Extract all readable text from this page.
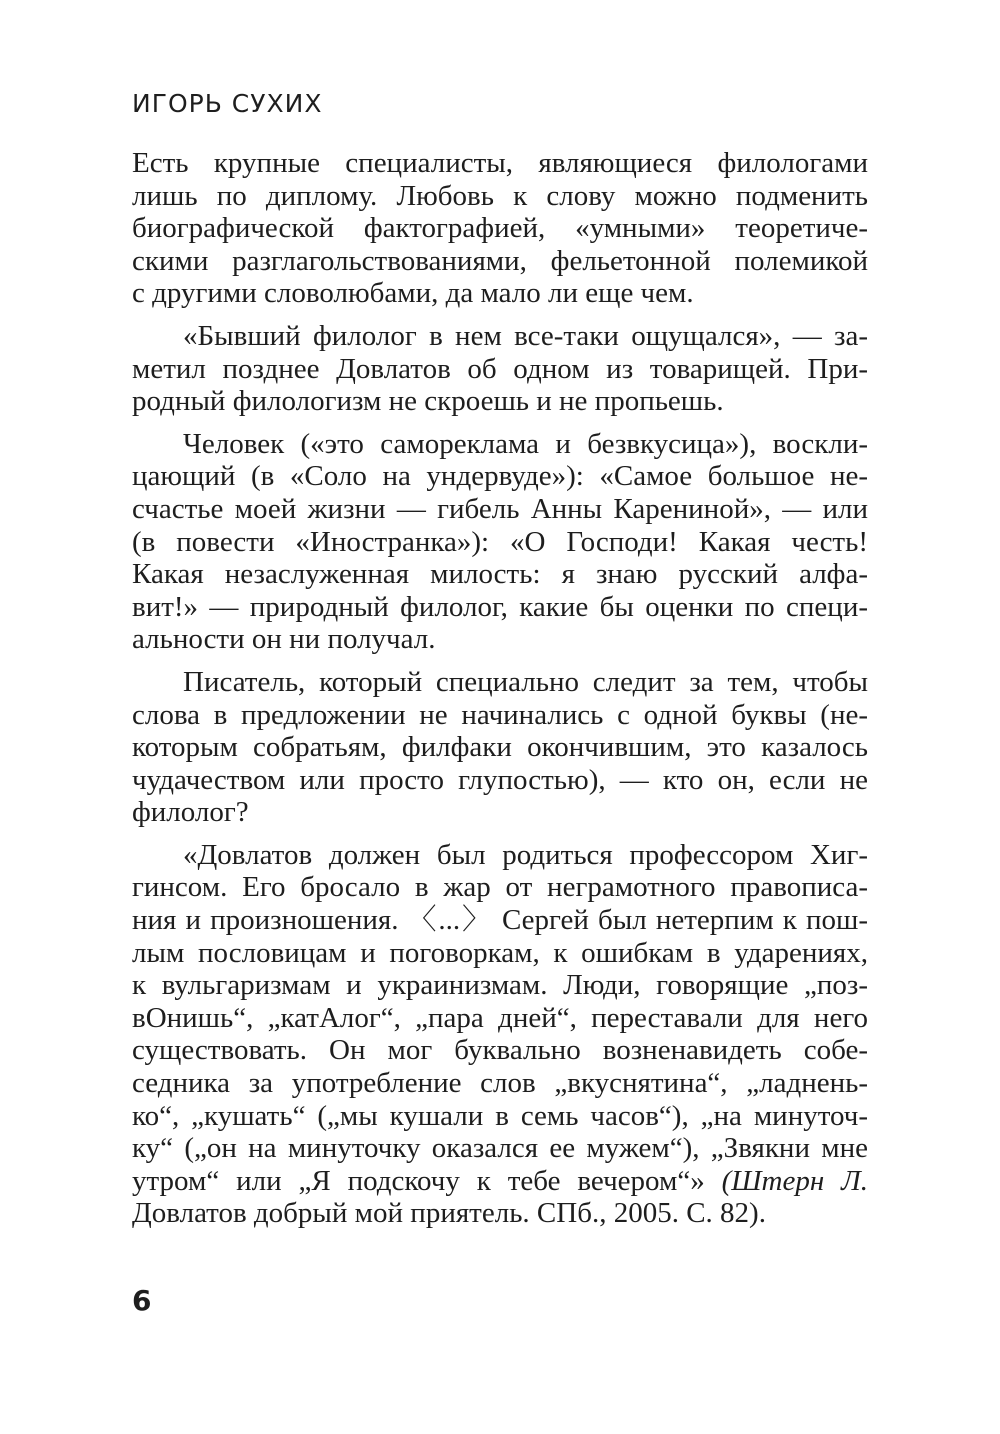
ИГОРЬ СУХИХ
Есть крупные специалисты, являющиеся филологами
лишь по диплому. Любовь к слову можно подменить
биографической фактографией, «умными» теоретиче-
скими разглагольствованиями, фельетонной полемикой
с другими словолюбами, да мало ли еще чем.
«Бывший филолог в нем все-таки ощущался», — за-
метил позднее Довлатов об одном из товарищей. При-
родный филологизм не скроешь и не пропьешь.
Человек («это самореклама и безвкусица»), воскли-
цающий (в «Соло на ундервуде»): «Самое большое не-
счастье моей жизни — гибель Анны Карениной», — или
(в повести «Иностранка»): «О Господи! Какая честь!
Какая незаслуженная милость: я знаю русский алфа-
вит!» — природный филолог, какие бы оценки по специ-
альности он ни получал.
Писатель, который специально следит за тем, чтобы
слова в предложении не начинались с одной буквы (не-
которым собратьям, филфаки окончившим, это казалось
чудачеством или просто глупостью), — кто он, если не
филолог?
«Довлатов должен был родиться профессором Хиг-
гинсом. Его бросало в жар от неграмотного правописа-
ния и произношения. 〈...〉 Сергей был нетерпим к пош-
лым пословицам и поговоркам, к ошибкам в ударениях,
к вульгаризмам и украинизмам. Люди, говорящие „поз-
вОнишь“, „катАлог“, „пара дней“, переставали для него
существовать. Он мог буквально возненавидеть собе-
седника за употребление слов „вкуснятина“, „ладнень-
ко“, „кушать“ („мы кушали в семь часов“), „на минуточ-
ку“ („он на минуточку оказался ее мужем“), „Звякни мне
утром“ или „Я подскочу к тебе вечером“» (Штерн Л.
Довлатов добрый мой приятель. СПб., 2005. С. 82).
6
